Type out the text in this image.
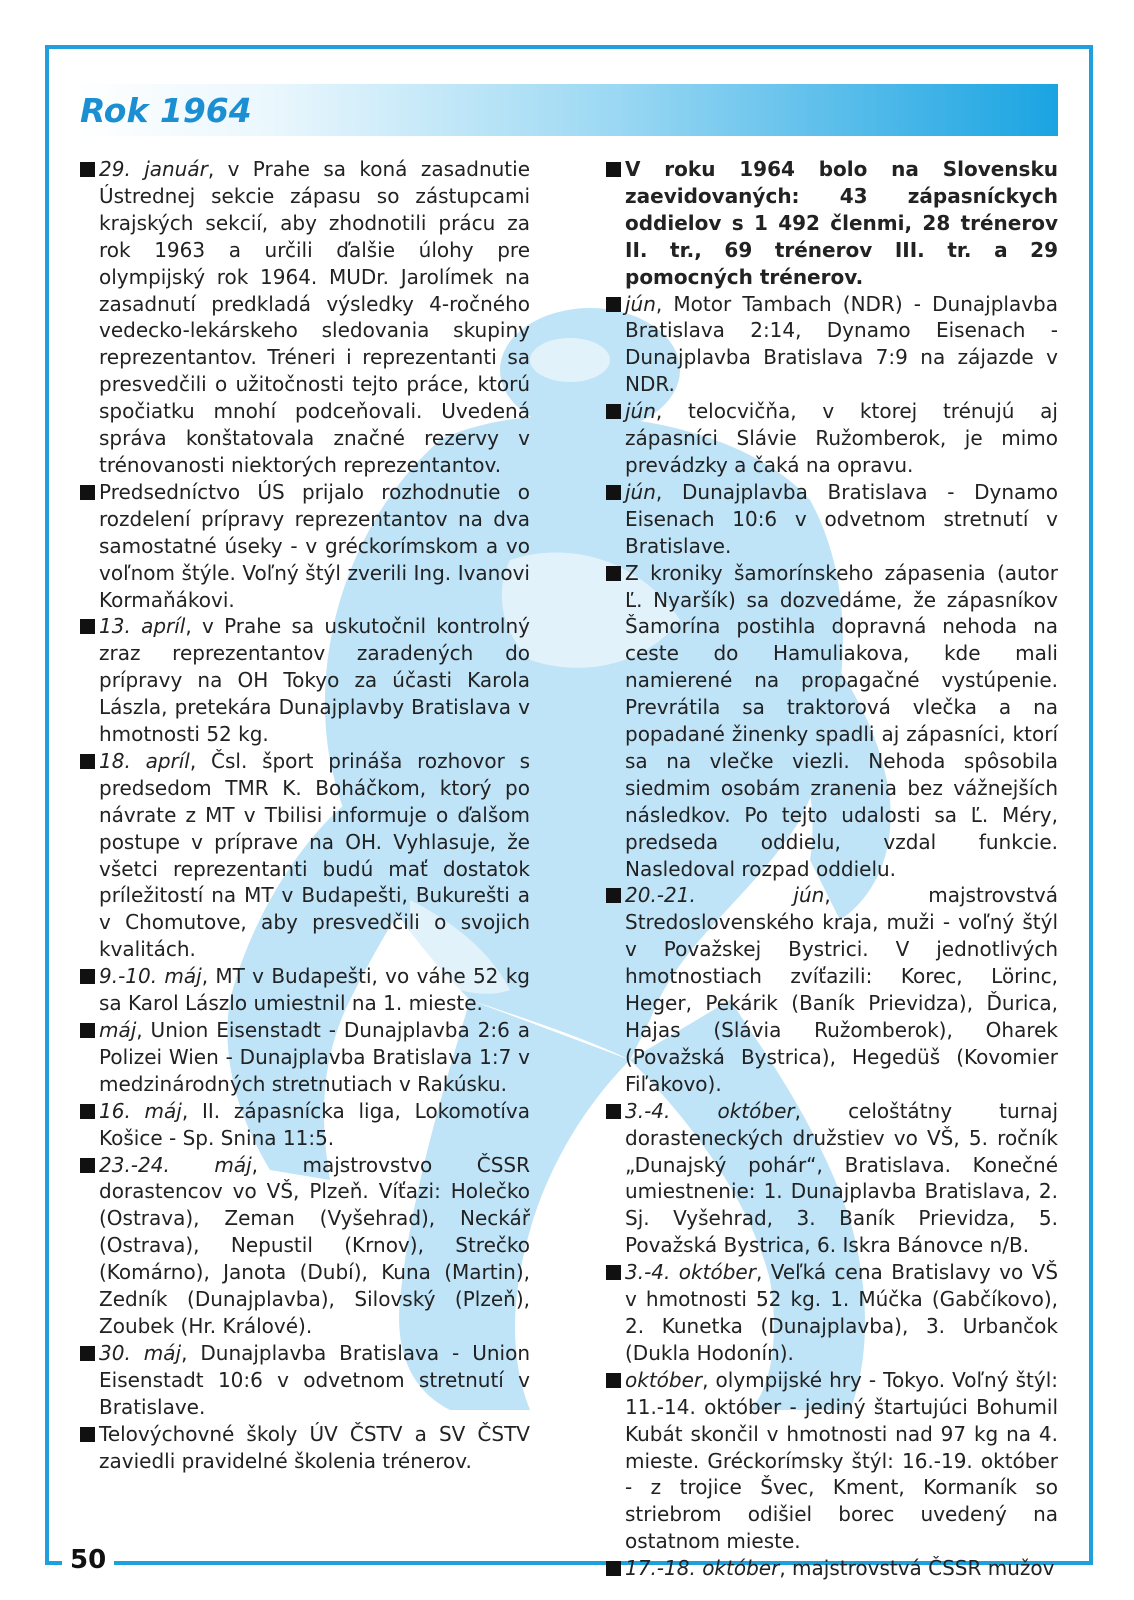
50
Rok 1964

29. január, v Prahe sa koná zasadnutie Ústrednej sekcie zápasu so zástupcami krajských sekcií, aby zhodnotili prácu za rok 1963 a určili ďalšie úlohy pre olympijský rok 1964. MUDr. Jarolímek na zasadnutí predkladá výsledky 4-ročného vedecko-lekárskeho sledovania skupiny reprezentantov. Tréneri i reprezentanti sa presvedčili o užitočnosti tejto práce, ktorú spočiatku mnohí podceňovali. Uvedená správa konštatovala značné rezervy v trénovanosti niektorých reprezentantov.

Predsedníctvo ÚS prijalo rozhodnutie o rozdelení prípravy reprezentantov na dva samostatné úseky - v gréckorímskom a vo voľnom štýle. Voľný štýl zverili Ing. Ivanovi Kormaňákovi.

13. apríl, v Prahe sa uskutočnil kontrolný zraz reprezentantov zaradených do prípravy na OH Tokyo za účasti Karola Lászla, pretekára Dunajplavby Bratislava v hmotnosti 52 kg.

18. apríl, Čsl. šport prináša rozhovor s predsedom TMR K. Boháčkom, ktorý po návrate z MT v Tbilisi informuje o ďalšom postupe v príprave na OH. Vyhlasuje, že všetci reprezentanti budú mať dostatok príležitostí na MT v Budapešti, Bukurešti a v Chomutove, aby presvedčili o svojich kvalitách.

9.-10. máj, MT v Budapešti, vo váhe 52 kg sa Karol Lászlo umiestnil na 1. mieste.

máj, Union Eisenstadt - Dunajplavba 2:6 a Polizei Wien - Dunajplavba Bratislava 1:7 v medzinárodných stretnutiach v Rakúsku.

16. máj, II. zápasnícka liga, Lokomotíva Košice - Sp. Snina 11:5.

23.-24. máj, majstrovstvo ČSSR dorastencov vo VŠ, Plzeň. Víťazi: Holečko (Ostrava), Zeman (Vyšehrad), Neckář (Ostrava), Nepustil (Krnov), Strečko (Komárno), Janota (Dubí), Kuna (Martin), Zedník (Dunajplavba), Silovský (Plzeň), Zoubek (Hr. Králové).

30. máj, Dunajplavba Bratislava - Union Eisenstadt 10:6 v odvetnom stretnutí v Bratislave.

Telovýchovné školy ÚV ČSTV a SV ČSTV zaviedli pravidelné školenia trénerov.

V roku 1964 bolo na Slovensku zaevidovaných: 43 zápasníckych oddielov s 1 492 členmi, 28 trénerov II. tr., 69 trénerov III. tr. a 29 pomocných trénerov.

jún, Motor Tambach (NDR) - Dunajplavba Bratislava 2:14, Dynamo Eisenach - Dunajplavba Bratislava 7:9 na zájazde v NDR.

jún, telocvičňa, v ktorej trénujú aj zápasníci Slávie Ružomberok, je mimo prevádzky a čaká na opravu.

jún, Dunajplavba Bratislava - Dynamo Eisenach 10:6 v odvetnom stretnutí v Bratislave.

Z kroniky šamorínskeho zápasenia (autor Ľ. Nyaršík) sa dozvedáme, že zápasníkov Šamorína postihla dopravná nehoda na ceste do Hamuliakova, kde mali namierené na propagačné vystúpenie. Prevrátila sa traktorová vlečka a na popadané žinenky spadli aj zápasníci, ktorí sa na vlečke viezli. Nehoda spôsobila siedmim osobám zranenia bez vážnejších následkov. Po tejto udalosti sa Ľ. Méry, predseda oddielu, vzdal funkcie. Nasledoval rozpad oddielu.

20.-21. jún, majstrovstvá Stredoslovenského kraja, muži - voľný štýl v Považskej Bystrici. V jednotlivých hmotnostiach zvíťazili: Korec, Lörinc, Heger, Pekárik (Baník Prievidza), Ďurica, Hajas (Slávia Ružomberok), Oharek (Považská Bystrica), Hegedüš (Kovomier Fiľakovo).

3.-4. október, celoštátny turnaj dorasteneckých družstiev vo VŠ, 5. ročník „Dunajský pohár“, Bratislava. Konečné umiestnenie: 1. Dunajplavba Bratislava, 2. Sj. Vyšehrad, 3. Baník Prievidza, 5. Považská Bystrica, 6. Iskra Bánovce n/B.

3.-4. október, Veľká cena Bratislavy vo VŠ v hmotnosti 52 kg. 1. Múčka (Gabčíkovo), 2. Kunetka (Dunajplavba), 3. Urbančok (Dukla Hodonín).

október, olympijské hry - Tokyo. Voľný štýl: 11.-14. október - jediný štartujúci Bohumil Kubát skončil v hmotnosti nad 97 kg na 4. mieste. Gréckorímsky štýl: 16.-19. október - z trojice Švec, Kment, Kormaník so striebrom odišiel borec uvedený na ostatnom mieste.

17.-18. október, majstrovstvá ČSSR mužov
